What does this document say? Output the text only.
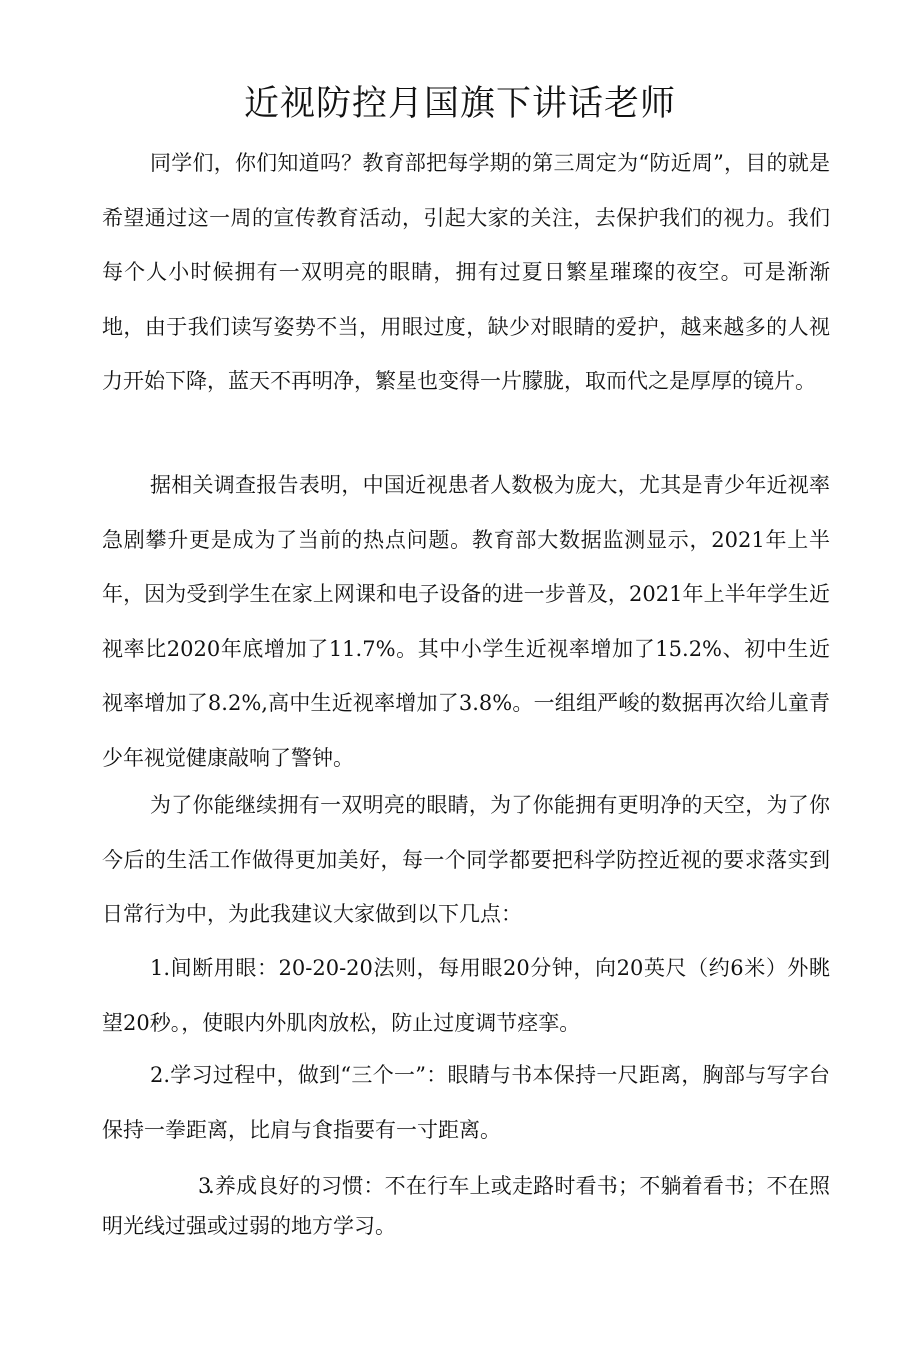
近视防控月国旗下讲话老师

同学们，你们知道吗？教育部把每学期的第三周定为“防近周”，目的就是希望通过这一周的宣传教育活动，引起大家的关注，去保护我们的视力。我们每个人小时候拥有一双明亮的眼睛，拥有过夏日繁星璀璨的夜空。可是渐渐地，由于我们读写姿势不当，用眼过度，缺少对眼睛的爱护，越来越多的人视力开始下降，蓝天不再明净，繁星也变得一片朦胧，取而代之是厚厚的镜片。

据相关调查报告表明，中国近视患者人数极为庞大，尤其是青少年近视率急剧攀升更是成为了当前的热点问题。教育部大数据监测显示，2021年上半年，因为受到学生在家上网课和电子设备的进一步普及，2021年上半年学生近视率比2020年底增加了11.7%。其中小学生近视率增加了15.2%、初中生近视率增加了8.2%,高中生近视率增加了3.8%。一组组严峻的数据再次给儿童青少年视觉健康敲响了警钟。

为了你能继续拥有一双明亮的眼睛，为了你能拥有更明净的天空，为了你今后的生活工作做得更加美好，每一个同学都要把科学防控近视的要求落实到日常行为中，为此我建议大家做到以下几点：

1.间断用眼：20-20-20法则，每用眼20分钟，向20英尺（约6米）外眺望20秒。，使眼内外肌肉放松，防止过度调节痉挛。

2.学习过程中，做到“三个一”：眼睛与书本保持一尺距离，胸部与写字台保持一拳距离，比肩与食指要有一寸距离。

3.养成良好的习惯：不在行车上或走路时看书；不躺着看书；不在照明光线过强或过弱的地方学习。
